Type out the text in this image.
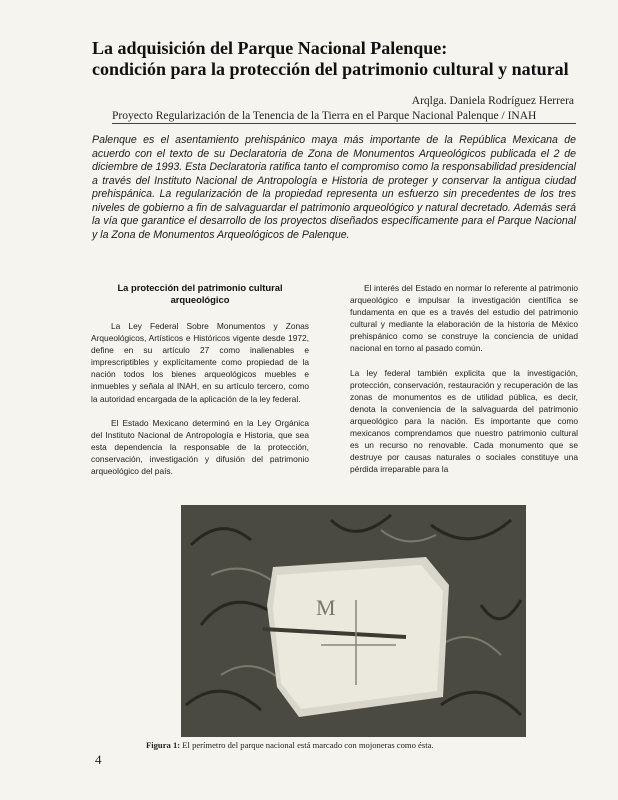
La adquisición del Parque Nacional Palenque:
condición para la protección del patrimonio cultural y natural
Arqlga. Daniela Rodríguez Herrera
Proyecto Regularización de la Tenencia de la Tierra en el Parque Nacional Palenque / INAH

Palenque es el asentamiento prehispánico maya más importante de la República Mexicana de acuerdo con el texto de su Declaratoria de Zona de Monumentos Arqueológicos publicada el 2 de diciembre de 1993. Esta Declaratoria ratifica tanto el compromiso como la responsabilidad presidencial a través del Instituto Nacional de Antropología e Historia de proteger y conservar la antigua ciudad prehispánica. La regularización de la propiedad representa un esfuerzo sin precedentes de los tres niveles de gobierno a fin de salvaguardar el patrimonio arqueológico y natural decretado. Además será la vía que garantice el desarrollo de los proyectos diseñados específicamente para el Parque Nacional y la Zona de Monumentos Arqueológicos de Palenque.

La protección del patrimonio cultural
arqueológico

La Ley Federal Sobre Monumentos y Zonas Arqueológicos, Artísticos e Históricos vigente desde 1972, define en su artículo 27 como inalienables e imprescriptibles y explícitamente como propiedad de la nación todos los bienes arqueológicos muebles e inmuebles y señala al INAH, en su artículo tercero, como la autoridad encargada de la aplicación de la ley federal.

El Estado Mexicano determinó en la Ley Orgánica del Instituto Nacional de Antropología e Historia, que sea esta dependencia la responsable de la protección, conservación, investigación y difusión del patrimonio arqueológico del país.

El interés del Estado en normar lo referente al patrimonio arqueológico e impulsar la investigación científica se fundamenta en que es a través del estudio del patrimonio cultural y mediante la elaboración de la historia de México prehispánico como se construye la conciencia de unidad nacional en torno al pasado común.

La ley federal también explicita que la investigación, protección, conservación, restauración y recuperación de las zonas de monumentos es de utilidad pública, es decir, denota la conveniencia de la salvaguarda del patrimonio arqueológico para la nación. Es importante que como mexicanos comprendamos que nuestro patrimonio cultural es un recurso no renovable. Cada monumento que se destruye por causas naturales o sociales constituye una pérdida irreparable para la

M
Figura 1: El perímetro del parque nacional está marcado con mojoneras como ésta.
4
